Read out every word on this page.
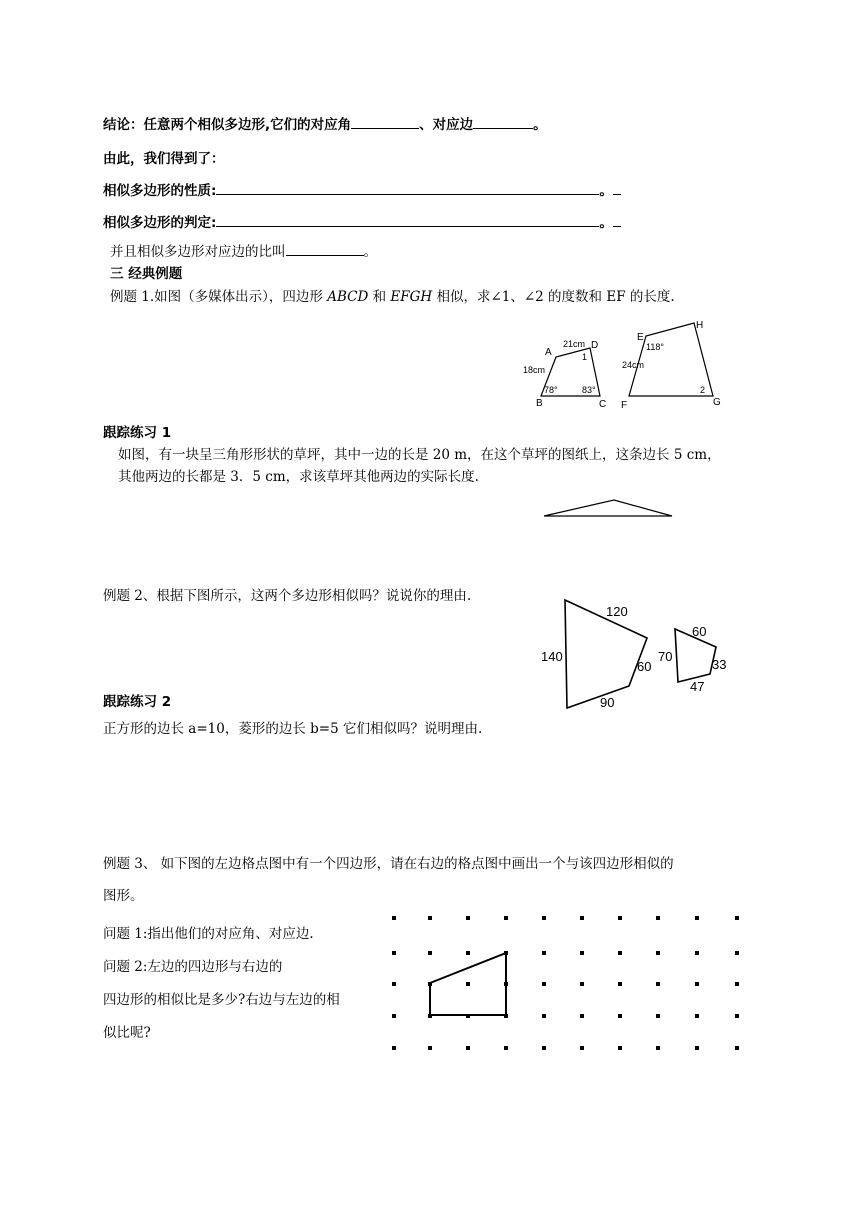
结论：任意两个相似多边形,它们的对应角	、对应边	。
由此，我们得到了：
相似多边形的性质:	。
相似多边形的判定:	。
并且相似多边形对应边的比叫	。
三 经典例题
例题 1.如图（多媒体出示），四边形 ABCD 和 EFGH 相似，求∠1、∠2 的度数和 EF 的长度.
A
B	C
D
21cm
18cm
78°	83°
1
E
F	G
H
24cm
118°
2
120
140
60
90
60
70
33
47
跟踪练习 1
如图，有一块呈三角形形状的草坪，其中一边的长是 20 m，在这个草坪的图纸上，这条边长 5 cm，
其他两边的长都是 3．5 cm，求该草坪其他两边的实际长度.
例题 2、根据下图所示，这两个多边形相似吗？说说你的理由.
跟踪练习 2
正方形的边长 a=10，菱形的边长 b=5 它们相似吗？说明理由.
例题 3、 如下图的左边格点图中有一个四边形，请在右边的格点图中画出一个与该四边形相似的
图形。
问题 1:指出他们的对应角、对应边.
问题 2:左边的四边形与右边的
四边形的相似比是多少?右边与左边的相
似比呢?
